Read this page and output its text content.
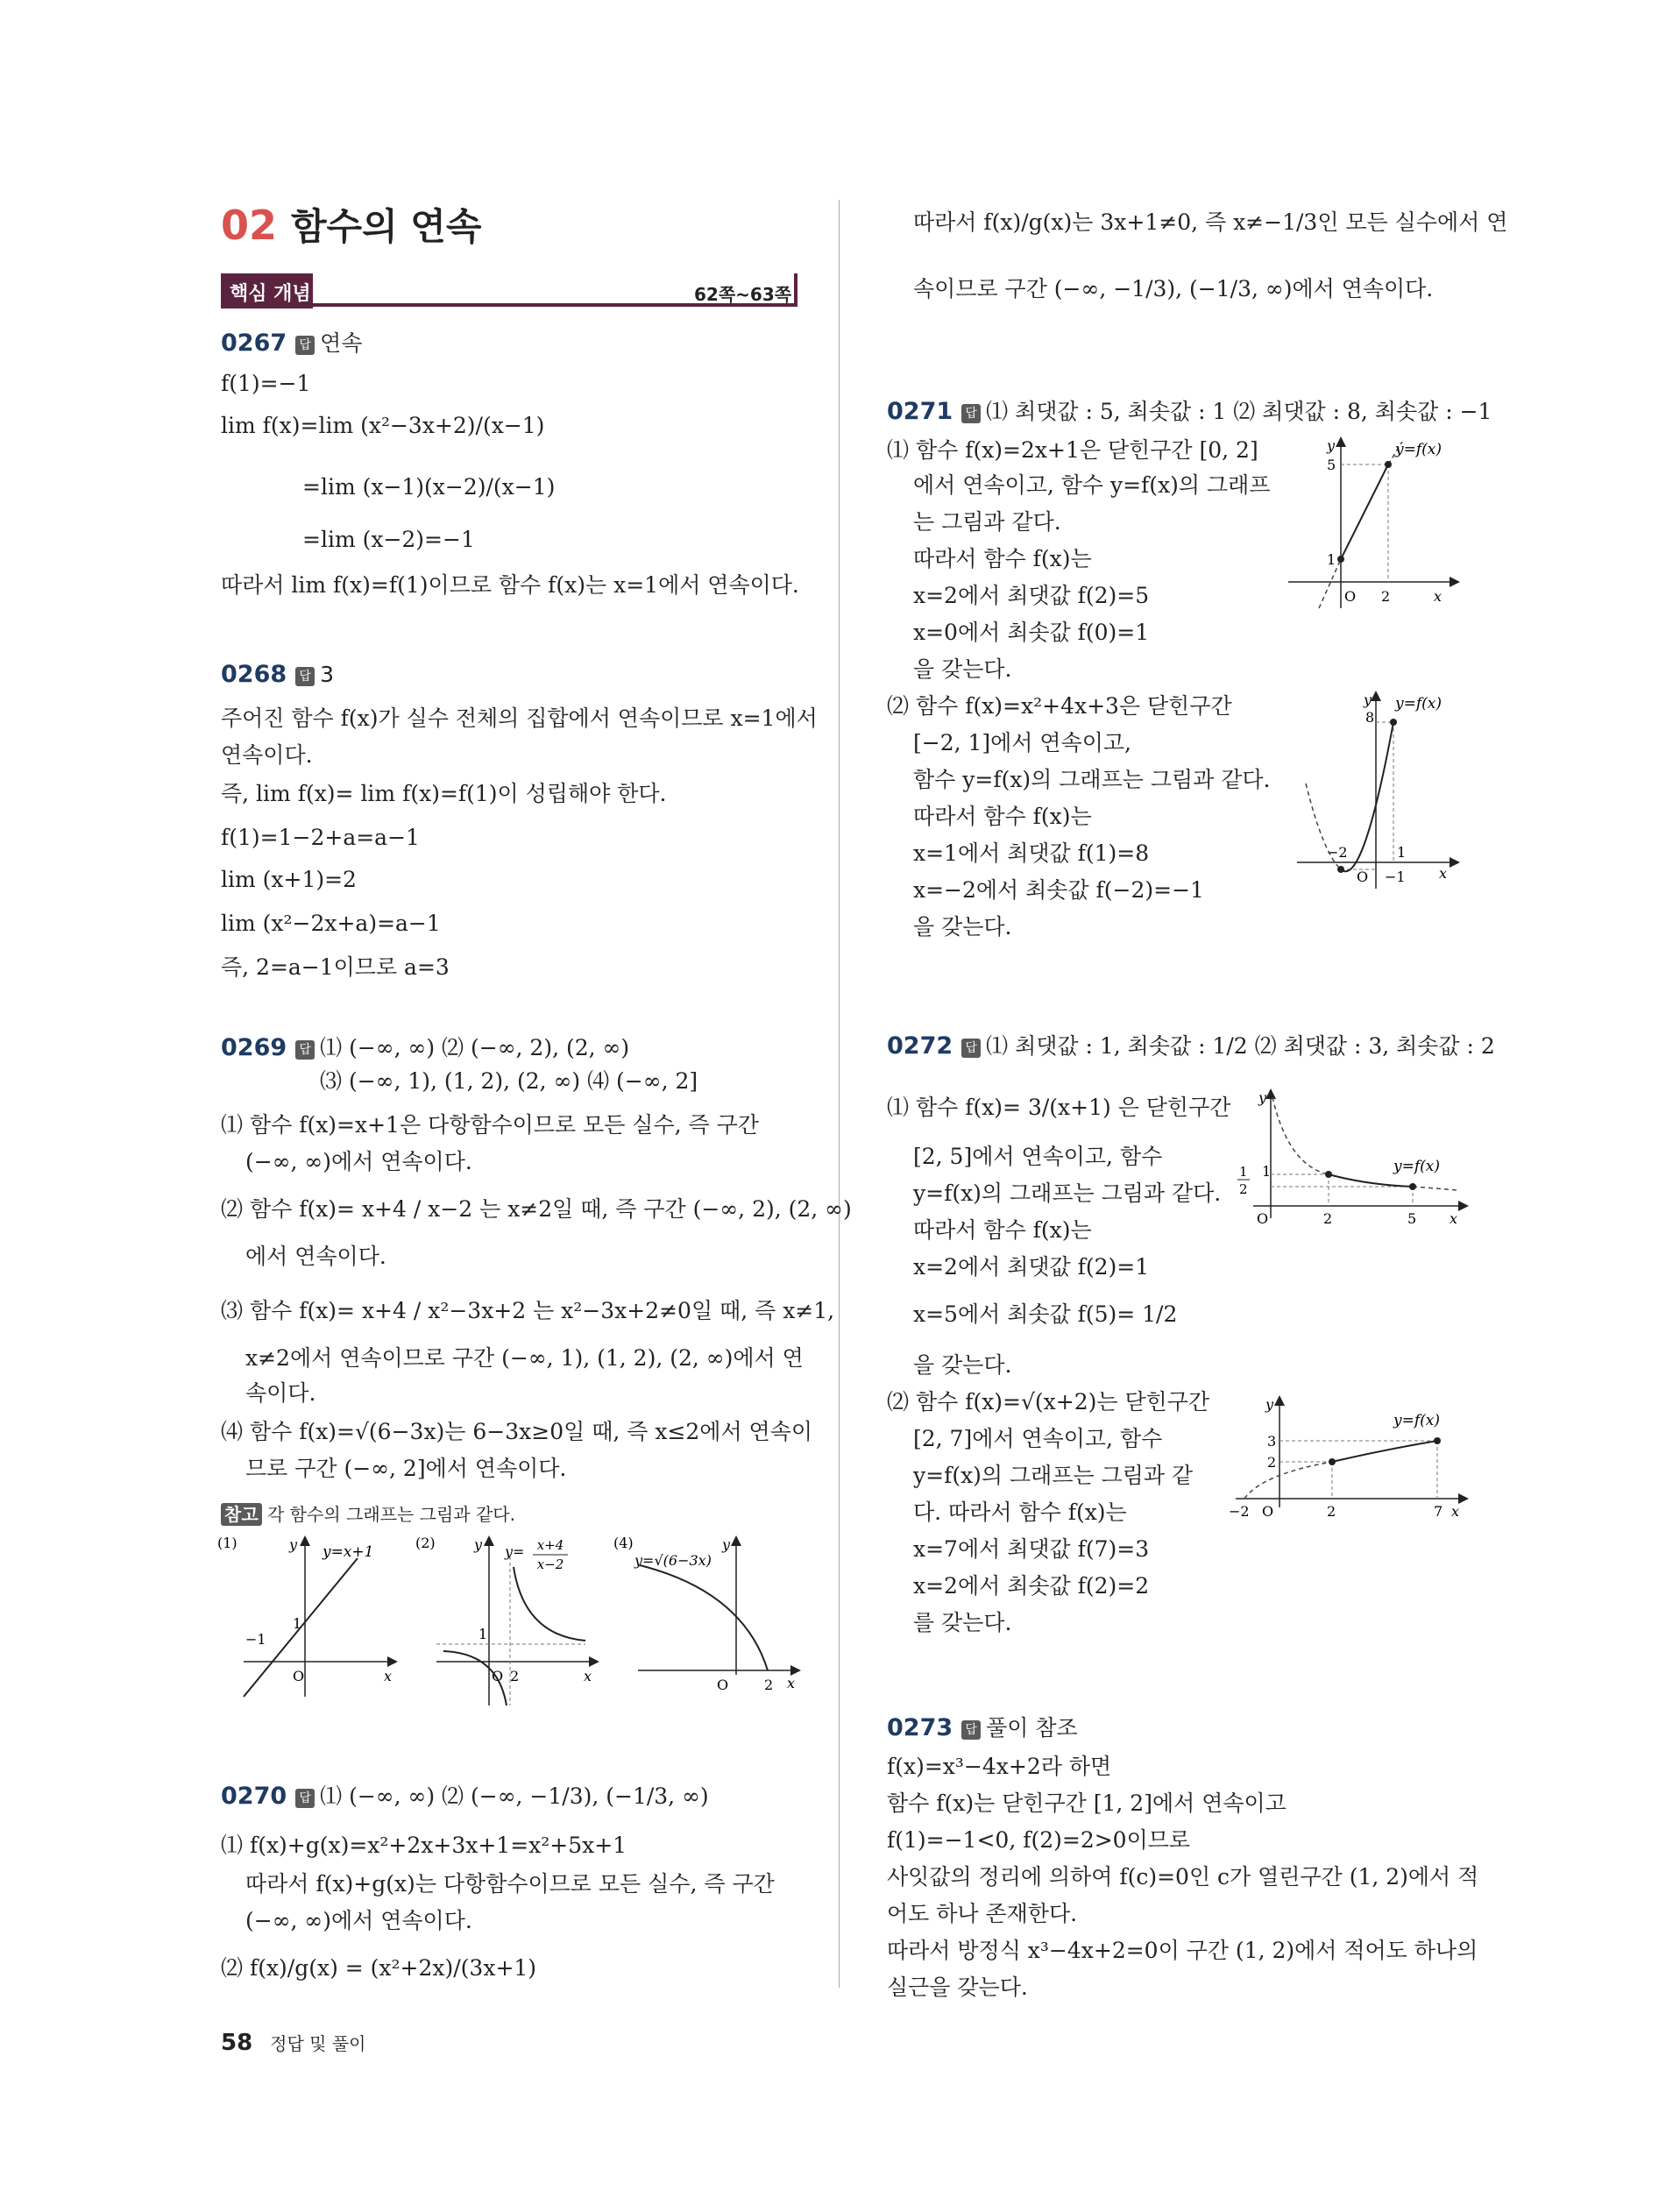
02 함수의 연속
핵심 개념	62쪽~63쪽
0267 답 연속
f(1)=−1
lim f(x)=lim (x²−3x+2)/(x−1)
=lim (x−1)(x−2)/(x−1)
=lim (x−2)=−1
따라서 lim f(x)=f(1)이므로 함수 f(x)는 x=1에서 연속이다.
0268 답 3
주어진 함수 f(x)가 실수 전체의 집합에서 연속이므로 x=1에서
연속이다.
즉, lim f(x)= lim f(x)=f(1)이 성립해야 한다.
f(1)=1−2+a=a−1
lim (x+1)=2
lim (x²−2x+a)=a−1
즉, 2=a−1이므로 a=3
0269 답 ⑴ (−∞, ∞) ⑵ (−∞, 2), (2, ∞)
⑶ (−∞, 1), (1, 2), (2, ∞) ⑷ (−∞, 2]
⑴ 함수 f(x)=x+1은 다항함수이므로 모든 실수, 즉 구간
(−∞, ∞)에서 연속이다.
⑵ 함수 f(x)= x+4 / x−2 는 x≠2일 때, 즉 구간 (−∞, 2), (2, ∞)
에서 연속이다.
⑶ 함수 f(x)= x+4 / x²−3x+2 는 x²−3x+2≠0일 때, 즉 x≠1,
x≠2에서 연속이므로 구간 (−∞, 1), (1, 2), (2, ∞)에서 연
속이다.
⑷ 함수 f(x)=√(6−3x)는 6−3x≥0일 때, 즉 x≤2에서 연속이
므로 구간 (−∞, 2]에서 연속이다.
참고 각 함수의 그래프는 그림과 같다.
(1)	y
x
O
1
−1
y=x+1
(2)	y
x
O 2
1
y= x+4
x−2
(4)	y
x
O	2
y=√(6−3x)
0270 답 ⑴ (−∞, ∞) ⑵ (−∞, −1/3), (−1/3, ∞)
⑴ f(x)+g(x)=x²+2x+3x+1=x²+5x+1
따라서 f(x)+g(x)는 다항함수이므로 모든 실수, 즉 구간
(−∞, ∞)에서 연속이다.
⑵ f(x)/g(x) = (x²+2x)/(3x+1)
58 정답 및 풀이
따라서 f(x)/g(x)는 3x+1≠0, 즉 x≠−1/3인 모든 실수에서 연
속이므로 구간 (−∞, −1/3), (−1/3, ∞)에서 연속이다.
0271 답 ⑴ 최댓값 : 5, 최솟값 : 1 ⑵ 최댓값 : 8, 최솟값 : −1
⑴ 함수 f(x)=2x+1은 닫힌구간 [0, 2]
에서 연속이고, 함수 y=f(x)의 그래프
는 그림과 같다.
따라서 함수 f(x)는
x=2에서 최댓값 f(2)=5
x=0에서 최솟값 f(0)=1
을 갖는다.
y
x
O 2
5
1
y=f(x)
⑵ 함수 f(x)=x²+4x+3은 닫힌구간
[−2, 1]에서 연속이고,
함수 y=f(x)의 그래프는 그림과 같다.
따라서 함수 f(x)는
x=1에서 최댓값 f(1)=8
x=−2에서 최솟값 f(−2)=−1
을 갖는다.
y
x
8
−2	1
O −1
y=f(x)
0272 답 ⑴ 최댓값 : 1, 최솟값 : 1/2 ⑵ 최댓값 : 3, 최솟값 : 2
⑴ 함수 f(x)= 3/(x+1) 은 닫힌구간
[2, 5]에서 연속이고, 함수
y=f(x)의 그래프는 그림과 같다.
따라서 함수 f(x)는
x=2에서 최댓값 f(2)=1
x=5에서 최솟값 f(5)= 1/2
을 갖는다.
y
x
O	2	5
1
1
2
y=f(x)
⑵ 함수 f(x)=√(x+2)는 닫힌구간
[2, 7]에서 연속이고, 함수
y=f(x)의 그래프는 그림과 같
다. 따라서 함수 f(x)는
x=7에서 최댓값 f(7)=3
x=2에서 최솟값 f(2)=2
를 갖는다.
y
x
O
−2	2	7
3
2
y=f(x)
0273 답 풀이 참조
f(x)=x³−4x+2라 하면
함수 f(x)는 닫힌구간 [1, 2]에서 연속이고
f(1)=−1<0, f(2)=2>0이므로
사잇값의 정리에 의하여 f(c)=0인 c가 열린구간 (1, 2)에서 적
어도 하나 존재한다.
따라서 방정식 x³−4x+2=0이 구간 (1, 2)에서 적어도 하나의
실근을 갖는다.
